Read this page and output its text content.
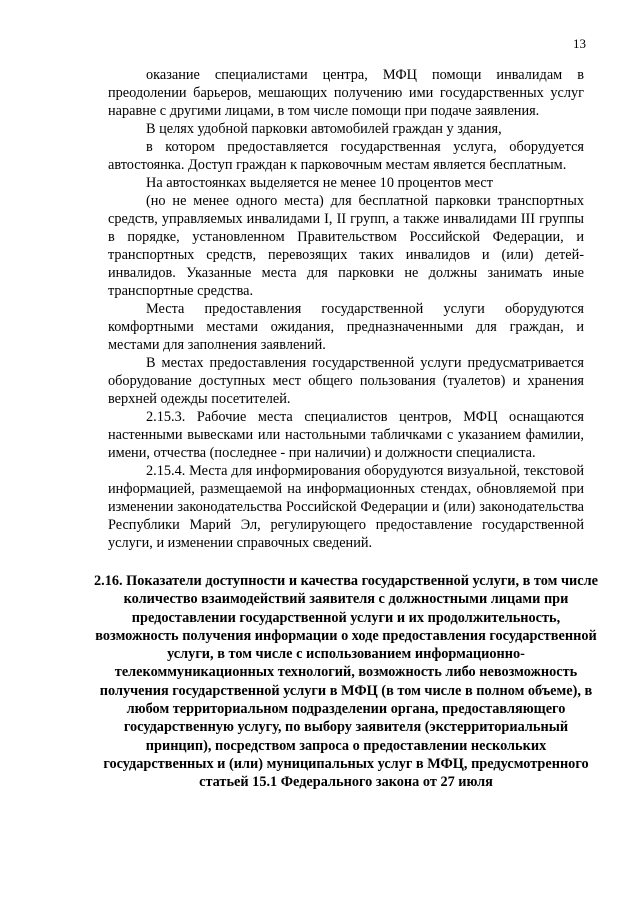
13

оказание специалистами центра, МФЦ помощи инвалидам в преодолении барьеров, мешающих получению ими государственных услуг наравне с другими лицами, в том числе помощи при подаче заявления.

В целях удобной парковки автомобилей граждан у здания,

в котором предоставляется государственная услуга, оборудуется автостоянка. Доступ граждан к парковочным местам является бесплатным.

На автостоянках выделяется не менее 10 процентов мест

(но не менее одного места) для бесплатной парковки транспортных средств, управляемых инвалидами I, II групп, а также инвалидами III группы в порядке, установленном Правительством Российской Федерации, и транспортных средств, перевозящих таких инвалидов и (или) детей-инвалидов. Указанные места для парковки не должны занимать иные транспортные средства.

Места предоставления государственной услуги оборудуются комфортными местами ожидания, предназначенными для граждан, и местами для заполнения заявлений.

В местах предоставления государственной услуги предусматривается оборудование доступных мест общего пользования (туалетов) и хранения верхней одежды посетителей.

2.15.3. Рабочие места специалистов центров, МФЦ оснащаются настенными вывесками или настольными табличками с указанием фамилии, имени, отчества (последнее - при наличии) и должности специалиста.

2.15.4. Места для информирования оборудуются визуальной, текстовой информацией, размещаемой на информационных стендах, обновляемой при изменении законодательства Российской Федерации и (или) законодательства Республики Марий Эл, регулирующего предоставление государственной услуги, и изменении справочных сведений.

2.16. Показатели доступности и качества государственной услуги, в том числе количество взаимодействий заявителя с должностными лицами при предоставлении государственной услуги и их продолжительность, возможность получения информации о ходе предоставления государственной услуги, в том числе с использованием информационно-телекоммуникационных технологий, возможность либо невозможность получения государственной услуги в МФЦ (в том числе в полном объеме), в любом территориальном подразделении органа, предоставляющего государственную услугу, по выбору заявителя (экстерриториальный принцип), посредством запроса о предоставлении нескольких государственных и (или) муниципальных услуг в МФЦ, предусмотренного статьей 15.1 Федерального закона от 27 июля
